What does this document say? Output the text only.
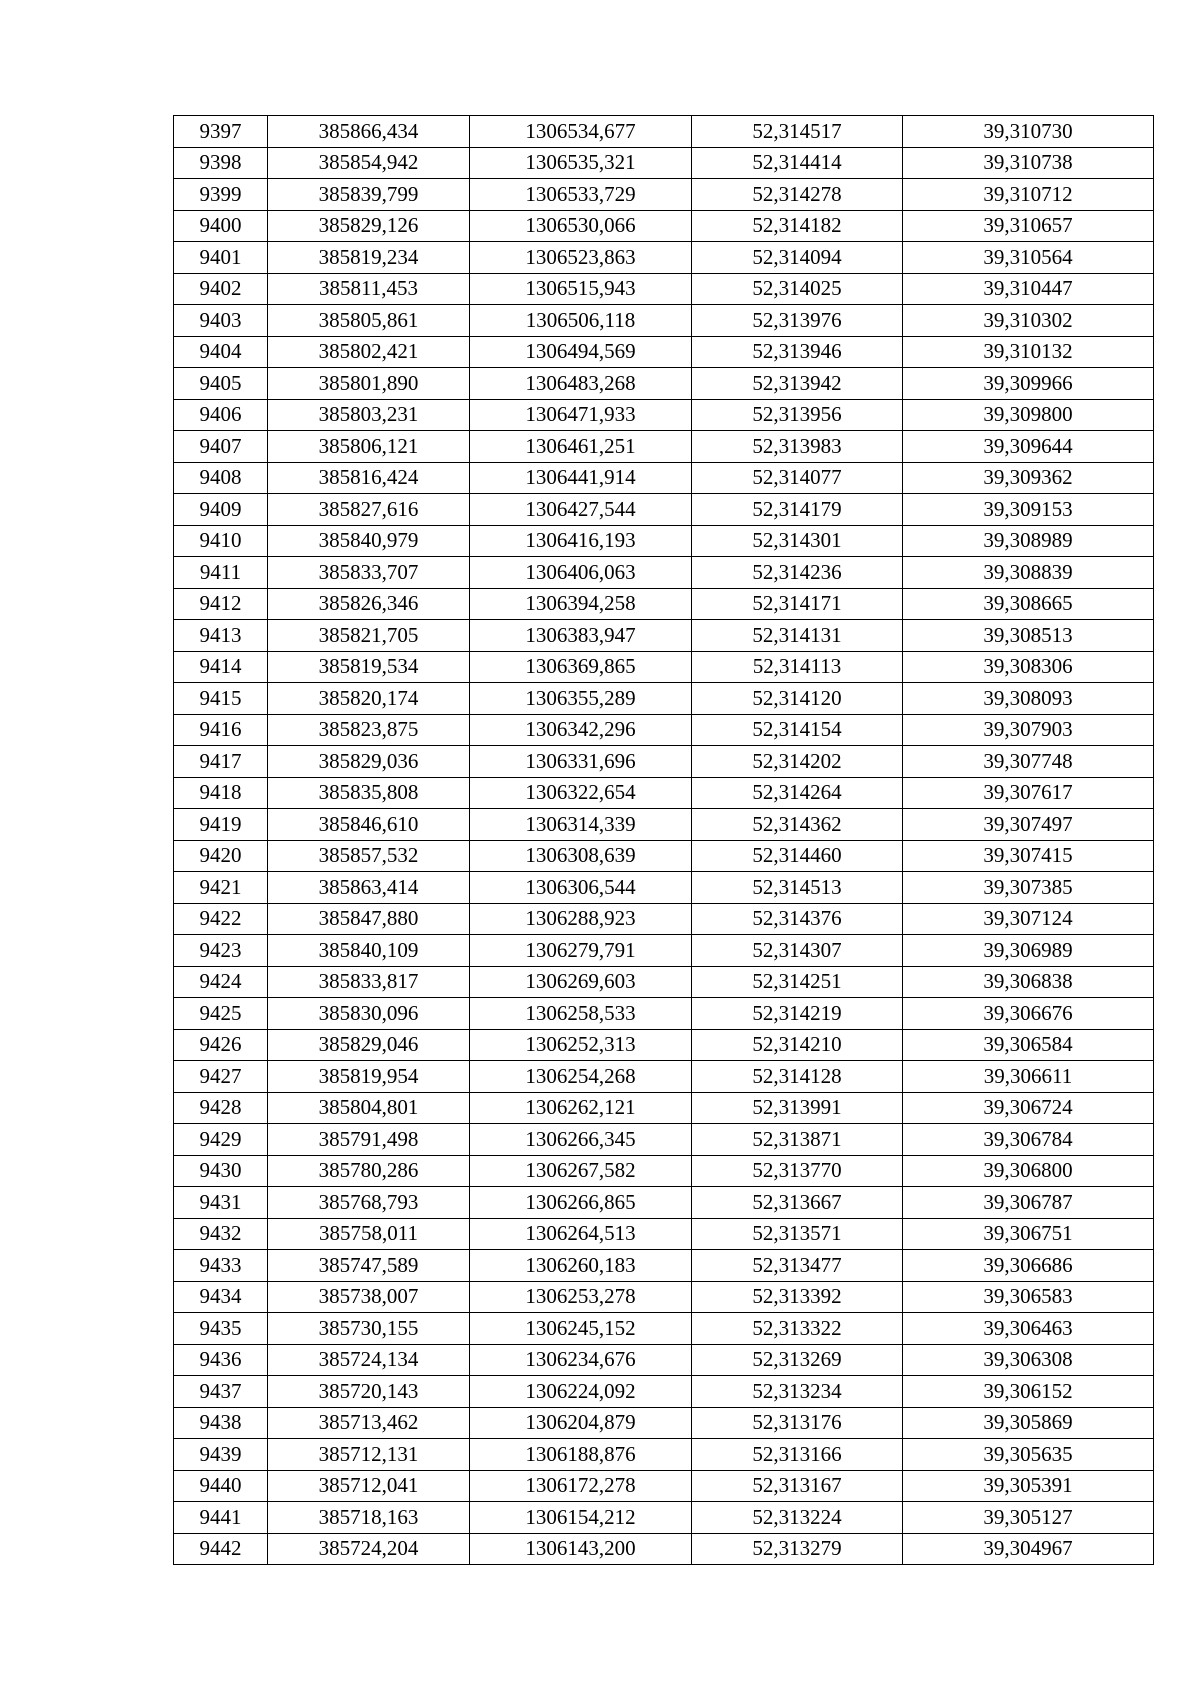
9397	385866,434	1306534,677	52,314517	39,310730
9398	385854,942	1306535,321	52,314414	39,310738
9399	385839,799	1306533,729	52,314278	39,310712
9400	385829,126	1306530,066	52,314182	39,310657
9401	385819,234	1306523,863	52,314094	39,310564
9402	385811,453	1306515,943	52,314025	39,310447
9403	385805,861	1306506,118	52,313976	39,310302
9404	385802,421	1306494,569	52,313946	39,310132
9405	385801,890	1306483,268	52,313942	39,309966
9406	385803,231	1306471,933	52,313956	39,309800
9407	385806,121	1306461,251	52,313983	39,309644
9408	385816,424	1306441,914	52,314077	39,309362
9409	385827,616	1306427,544	52,314179	39,309153
9410	385840,979	1306416,193	52,314301	39,308989
9411	385833,707	1306406,063	52,314236	39,308839
9412	385826,346	1306394,258	52,314171	39,308665
9413	385821,705	1306383,947	52,314131	39,308513
9414	385819,534	1306369,865	52,314113	39,308306
9415	385820,174	1306355,289	52,314120	39,308093
9416	385823,875	1306342,296	52,314154	39,307903
9417	385829,036	1306331,696	52,314202	39,307748
9418	385835,808	1306322,654	52,314264	39,307617
9419	385846,610	1306314,339	52,314362	39,307497
9420	385857,532	1306308,639	52,314460	39,307415
9421	385863,414	1306306,544	52,314513	39,307385
9422	385847,880	1306288,923	52,314376	39,307124
9423	385840,109	1306279,791	52,314307	39,306989
9424	385833,817	1306269,603	52,314251	39,306838
9425	385830,096	1306258,533	52,314219	39,306676
9426	385829,046	1306252,313	52,314210	39,306584
9427	385819,954	1306254,268	52,314128	39,306611
9428	385804,801	1306262,121	52,313991	39,306724
9429	385791,498	1306266,345	52,313871	39,306784
9430	385780,286	1306267,582	52,313770	39,306800
9431	385768,793	1306266,865	52,313667	39,306787
9432	385758,011	1306264,513	52,313571	39,306751
9433	385747,589	1306260,183	52,313477	39,306686
9434	385738,007	1306253,278	52,313392	39,306583
9435	385730,155	1306245,152	52,313322	39,306463
9436	385724,134	1306234,676	52,313269	39,306308
9437	385720,143	1306224,092	52,313234	39,306152
9438	385713,462	1306204,879	52,313176	39,305869
9439	385712,131	1306188,876	52,313166	39,305635
9440	385712,041	1306172,278	52,313167	39,305391
9441	385718,163	1306154,212	52,313224	39,305127
9442	385724,204	1306143,200	52,313279	39,304967
